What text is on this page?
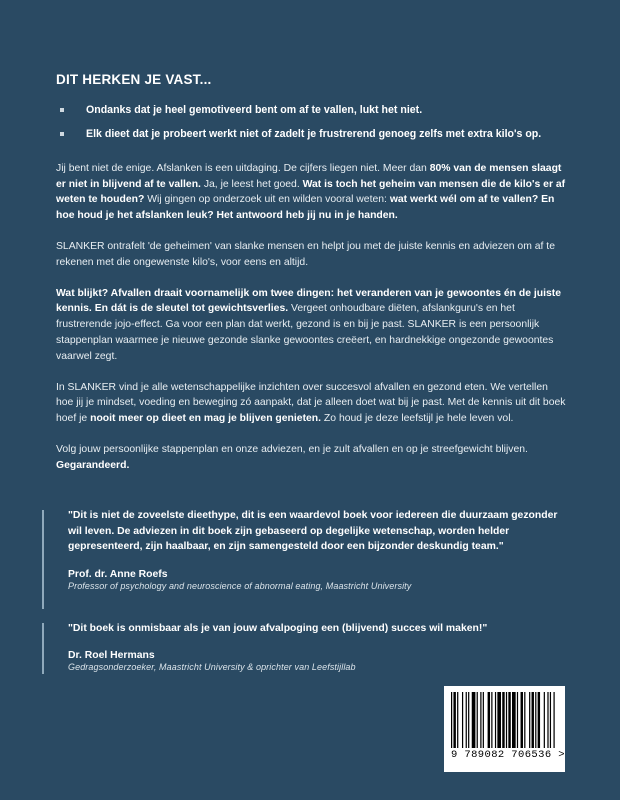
DIT HERKEN JE VAST...
Ondanks dat je heel gemotiveerd bent om af te vallen, lukt het niet.
Elk dieet dat je probeert werkt niet of zadelt je frustrerend genoeg zelfs met extra kilo's op.

Jij bent niet de enige. Afslanken is een uitdaging. De cijfers liegen niet. Meer dan 80% van de mensen slaagt er niet in blijvend af te vallen. Ja, je leest het goed. Wat is toch het geheim van mensen die de kilo's er af weten te houden? Wij gingen op onderzoek uit en wilden vooral weten: wat werkt wél om af te vallen? En hoe houd je het afslanken leuk? Het antwoord heb jij nu in je handen.

SLANKER ontrafelt 'de geheimen' van slanke mensen en helpt jou met de juiste kennis en adviezen om af te rekenen met die ongewenste kilo's, voor eens en altijd.

Wat blijkt? Afvallen draait voornamelijk om twee dingen: het veranderen van je gewoontes én de juiste kennis. En dát is de sleutel tot gewichtsverlies. Vergeet onhoudbare diëten, afslankguru's en het frustrerende jojo-effect. Ga voor een plan dat werkt, gezond is en bij je past. SLANKER is een persoonlijk stappenplan waarmee je nieuwe gezonde slanke gewoontes creëert, en hardnekkige ongezonde gewoontes vaarwel zegt.

In SLANKER vind je alle wetenschappelijke inzichten over succesvol afvallen en gezond eten. We vertellen hoe jij je mindset, voeding en beweging zó aanpakt, dat je alleen doet wat bij je past. Met de kennis uit dit boek hoef je nooit meer op dieet en mag je blijven genieten. Zo houd je deze leefstijl je hele leven vol.

Volg jouw persoonlijke stappenplan en onze adviezen, en je zult afvallen en op je streefgewicht blijven. Gegarandeerd.

"Dit is niet de zoveelste dieethype, dit is een waardevol boek voor iedereen die duurzaam gezonder wil leven. De adviezen in dit boek zijn gebaseerd op degelijke wetenschap, worden helder gepresenteerd, zijn haalbaar, en zijn samengesteld door een bijzonder deskundig team."

Prof. dr. Anne Roefs

Professor of psychology and neuroscience of abnormal eating, Maastricht University

"Dit boek is onmisbaar als je van jouw afvalpoging een (blijvend) succes wil maken!"

Dr. Roel Hermans

Gedragsonderzoeker, Maastricht University & oprichter van Leefstijllab

9 789082 706536 >
